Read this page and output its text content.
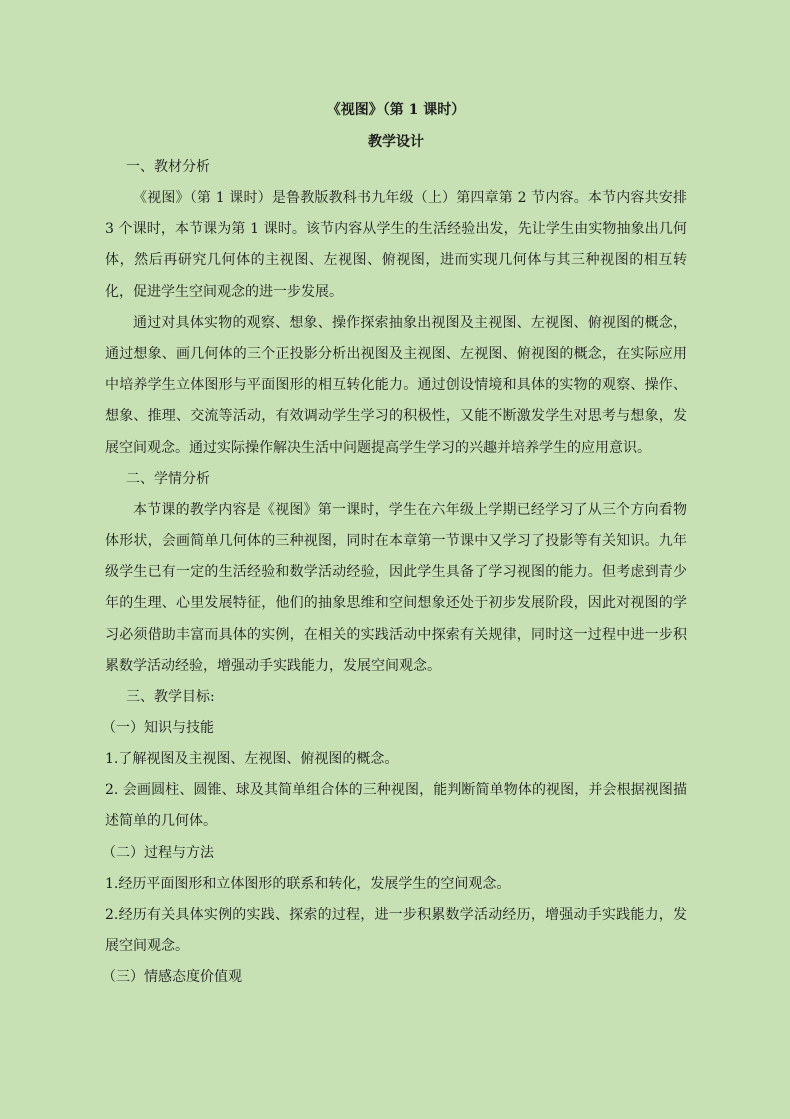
《视图》（第 1 课时）
教学设计
一、教材分析

《视图》（第 1 课时）是鲁教版教科书九年级（上）第四章第 2 节内容。本节内容共安排 3 个课时，本节课为第 1 课时。该节内容从学生的生活经验出发，先让学生由实物抽象出几何体，然后再研究几何体的主视图、左视图、俯视图，进而实现几何体与其三种视图的相互转化，促进学生空间观念的进一步发展。

通过对具体实物的观察、想象、操作探索抽象出视图及主视图、左视图、俯视图的概念，通过想象、画几何体的三个正投影分析出视图及主视图、左视图、俯视图的概念，在实际应用中培养学生立体图形与平面图形的相互转化能力。通过创设情境和具体的实物的观察、操作、想象、推理、交流等活动，有效调动学生学习的积极性，又能不断激发学生对思考与想象，发展空间观念。通过实际操作解决生活中问题提高学生学习的兴趣并培养学生的应用意识。

二、学情分析

本节课的教学内容是《视图》第一课时，学生在六年级上学期已经学习了从三个方向看物体形状，会画简单几何体的三种视图，同时在本章第一节课中又学习了投影等有关知识。九年级学生已有一定的生活经验和数学活动经验，因此学生具备了学习视图的能力。但考虑到青少年的生理、心里发展特征，他们的抽象思维和空间想象还处于初步发展阶段，因此对视图的学习必须借助丰富而具体的实例，在相关的实践活动中探索有关规律，同时这一过程中进一步积累数学活动经验，增强动手实践能力，发展空间观念。

三、教学目标:
（一）知识与技能

1.了解视图及主视图、左视图、俯视图的概念。

2. 会画圆柱、圆锥、球及其简单组合体的三种视图，能判断简单物体的视图，并会根据视图描述简单的几何体。

（二）过程与方法

1.经历平面图形和立体图形的联系和转化，发展学生的空间观念。

2.经历有关具体实例的实践、探索的过程，进一步积累数学活动经历，增强动手实践能力，发展空间观念。

（三）情感态度价值观
